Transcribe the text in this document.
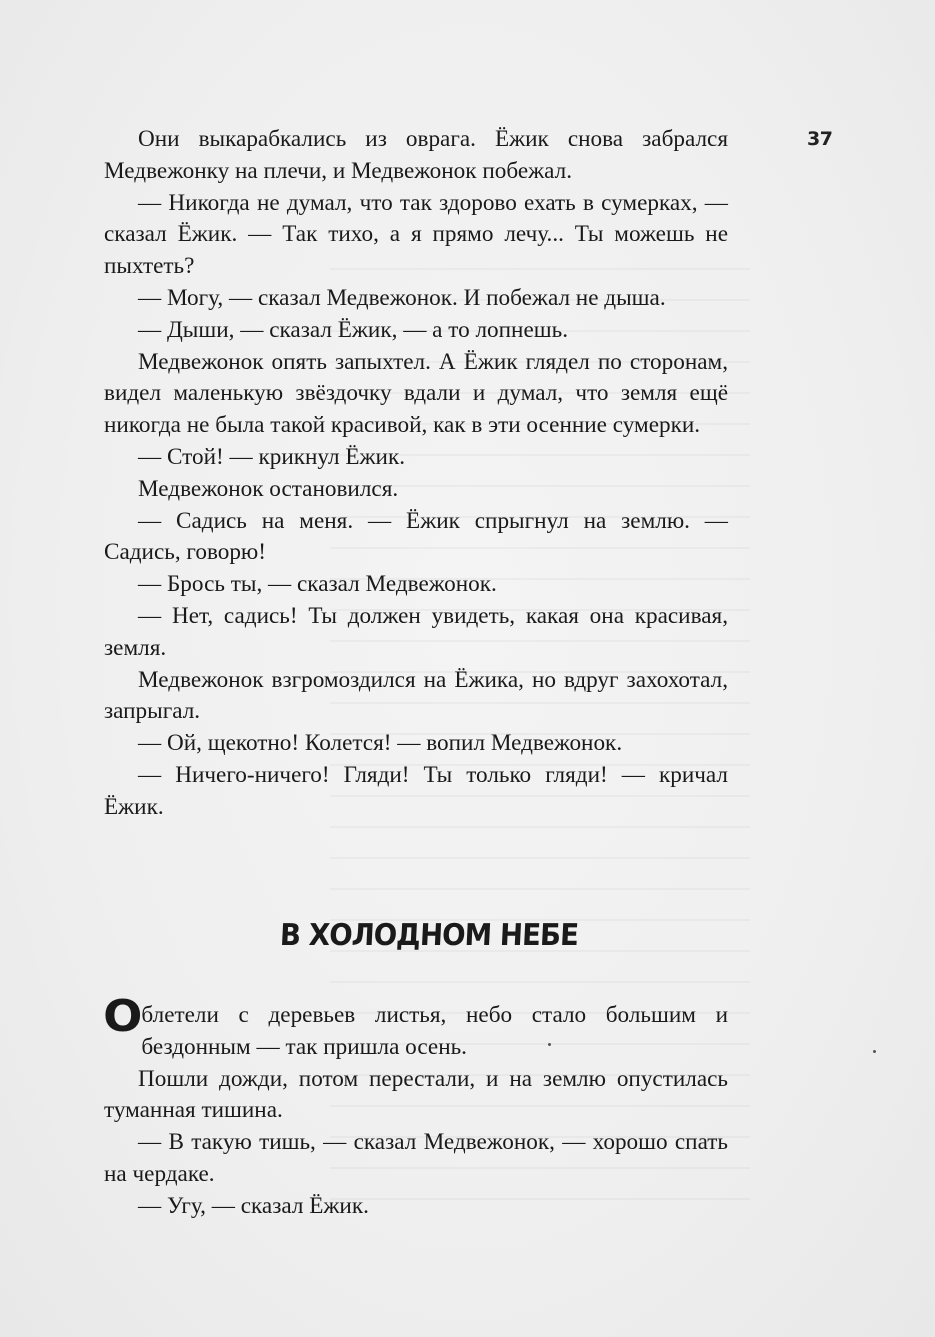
37

Они выкарабкались из оврага. Ёжик снова забрался Медвежонку на плечи, и Медвежонок побежал.

— Никогда не думал, что так здорово ехать в сумерках, — сказал Ёжик. — Так тихо, а я прямо лечу... Ты можешь не пыхтеть?

— Могу, — сказал Медвежонок. И побежал не дыша.

— Дыши, — сказал Ёжик, — а то лопнешь.

Медвежонок опять запыхтел. А Ёжик глядел по сторонам, видел маленькую звёздочку вдали и думал, что земля ещё никогда не была такой красивой, как в эти осенние сумерки.

— Стой! — крикнул Ёжик.

Медвежонок остановился.

— Садись на меня. — Ёжик спрыгнул на землю. — Садись, говорю!

— Брось ты, — сказал Медвежонок.

— Нет, садись! Ты должен увидеть, какая она красивая, земля.

Медвежонок взгромоздился на Ёжика, но вдруг захохотал, запрыгал.

— Ой, щекотно! Колется! — вопил Медвежонок.

— Ничего-ничего! Гляди! Ты только гляди! — кричал Ёжик.

В ХОЛОДНОМ НЕБЕ

Облетели с деревьев листья, небо стало большим и бездонным — так пришла осень.

Пошли дожди, потом перестали, и на землю опустилась туманная тишина.

— В такую тишь, — сказал Медвежонок, — хорошо спать на чердаке.

— Угу, — сказал Ёжик.
